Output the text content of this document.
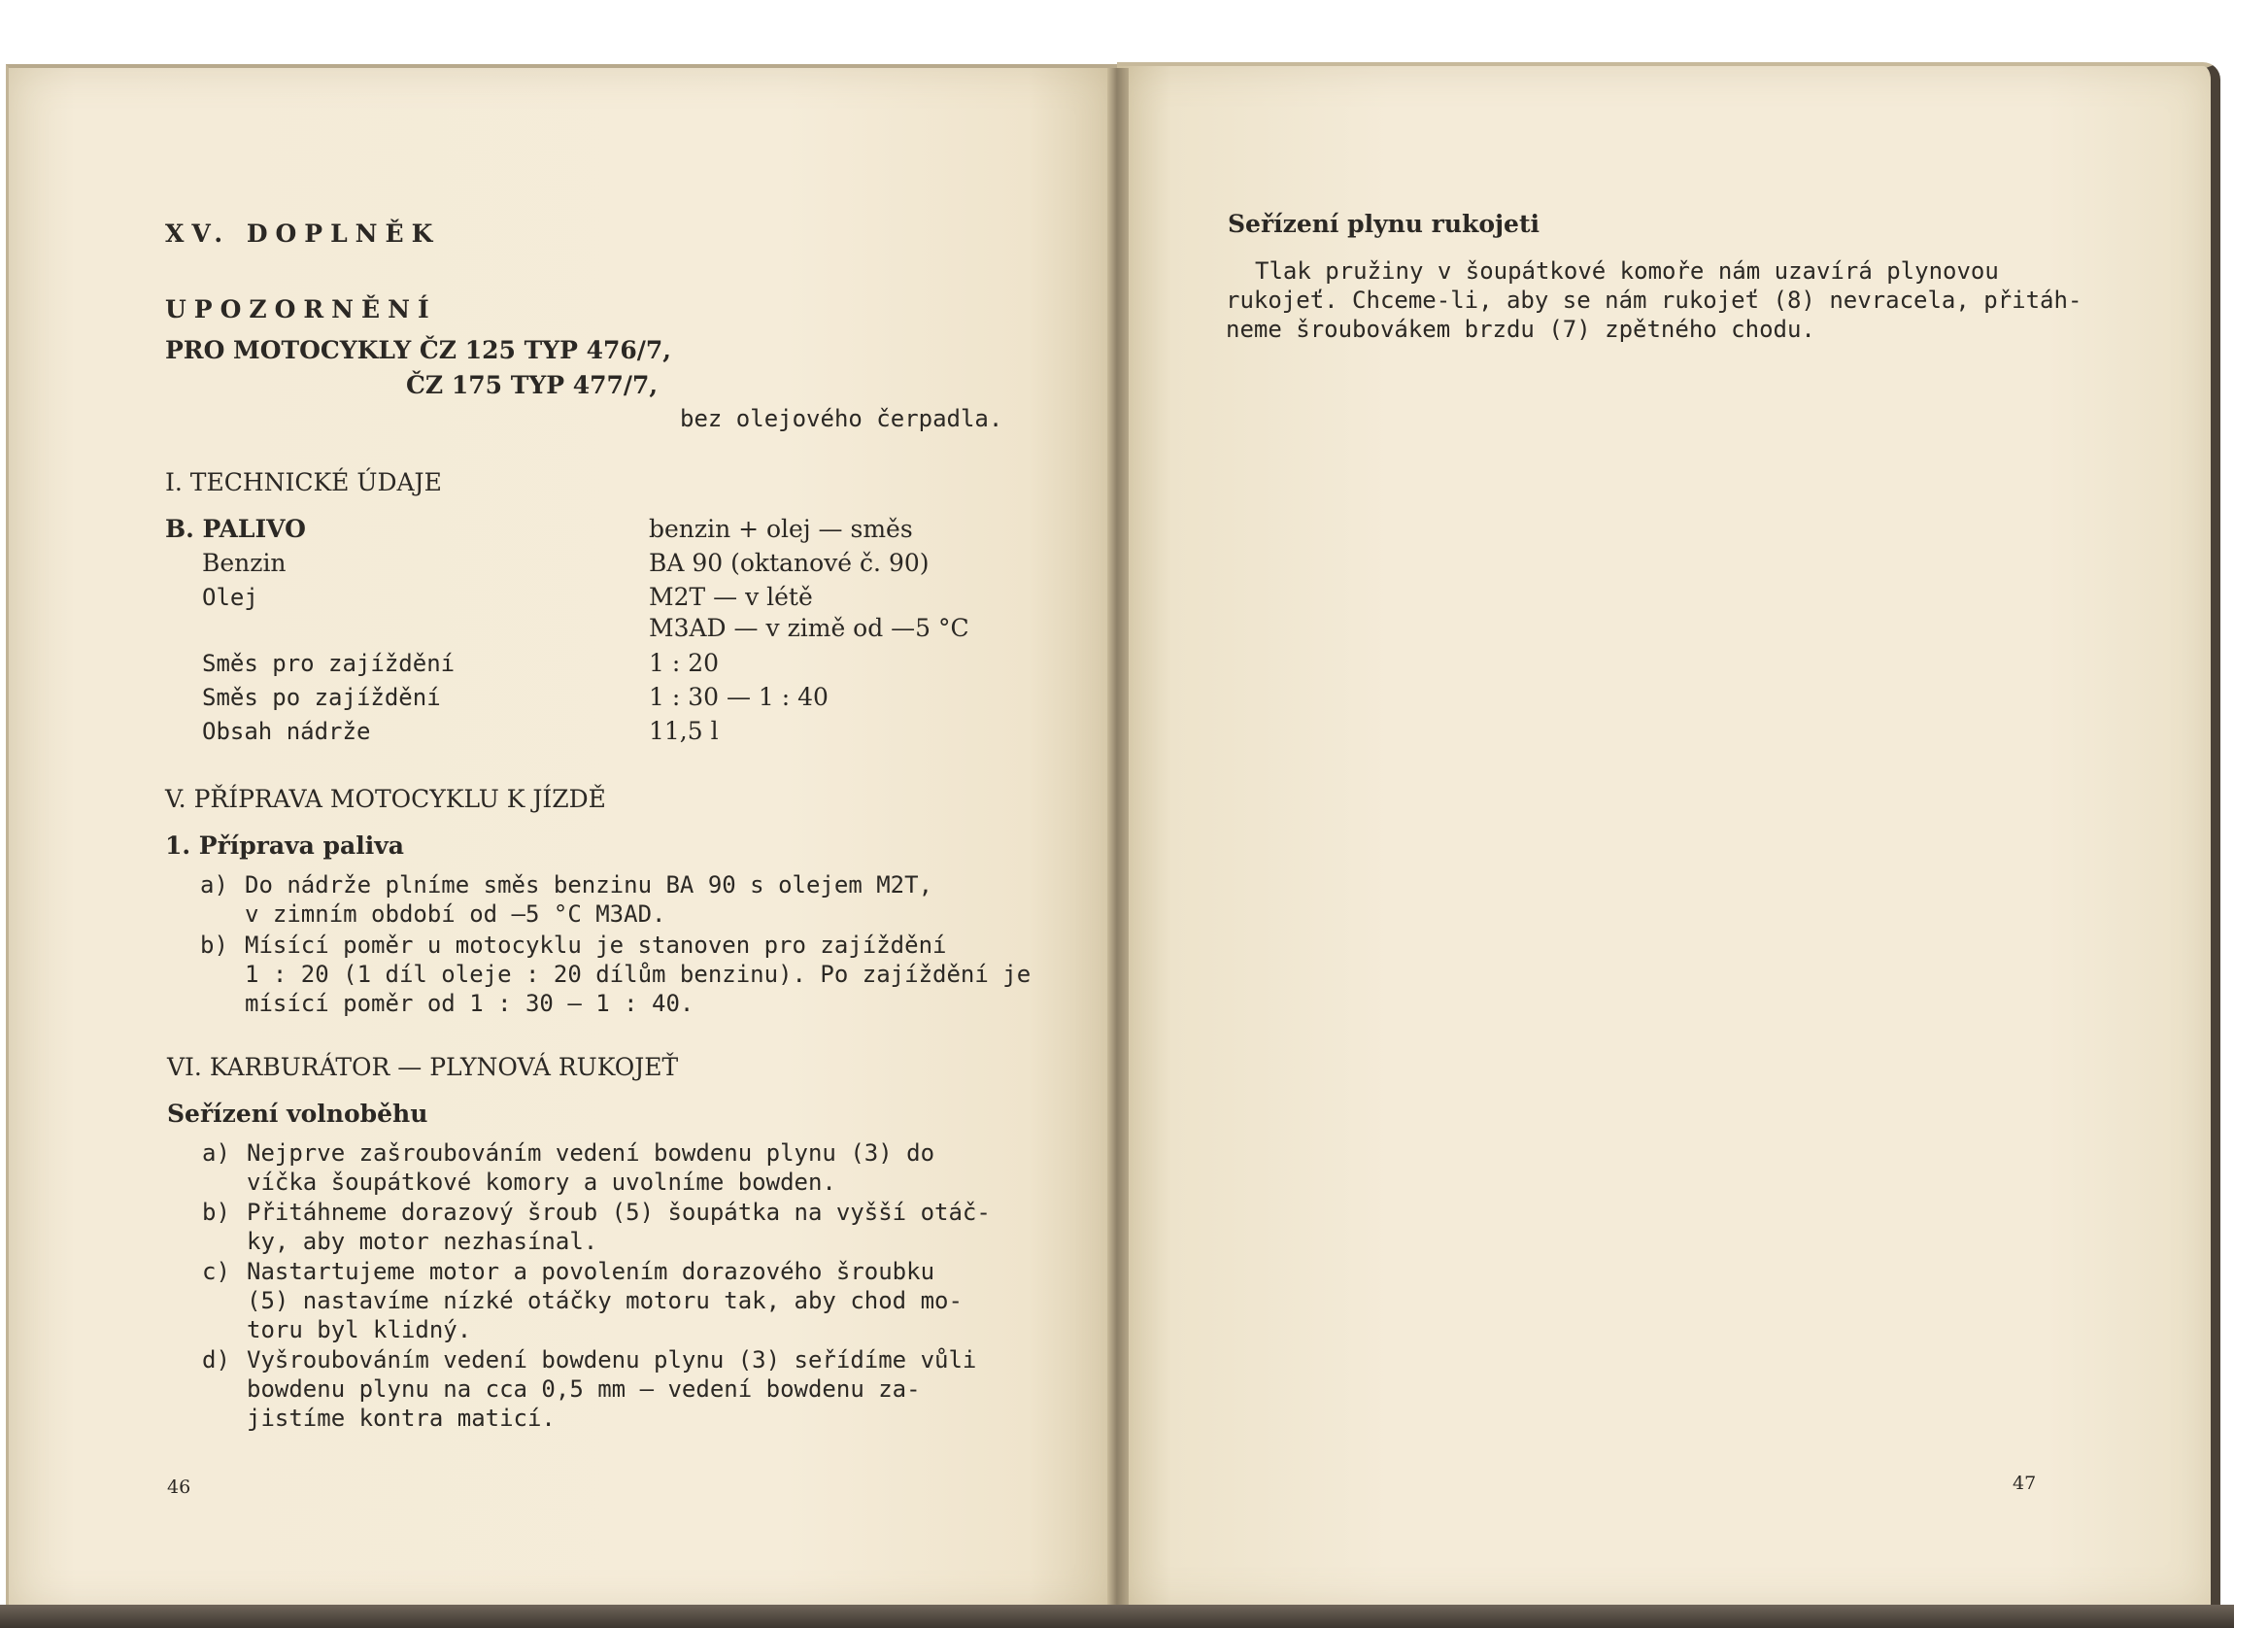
XV. DOPLNĚK
UPOZORNĚNÍ
PRO MOTOCYKLY ČZ 125 TYP 476/7,
ČZ 175 TYP 477/7,
bez olejového čerpadla.
I. TECHNICKÉ ÚDAJE
B. PALIVO	benzin + olej — směs
Benzin	BA 90 (oktanové č. 90)
Olej	M2T — v létě
M3AD — v zimě od —5 °C
Směs pro zajíždění	1 : 20
Směs po zajíždění	1 : 30 — 1 : 40
Obsah nádrže	11,5 l
V. PŘÍPRAVA MOTOCYKLU K JÍZDĚ
1. Příprava paliva
a) Do nádrže plníme směs benzinu BA 90 s olejem M2T,
v zimním období od —5 °C M3AD.
b) Mísící poměr u motocyklu je stanoven pro zajíždění
1 : 20 (1 díl oleje : 20 dílům benzinu). Po zajíždění je
mísící poměr od 1 : 30 — 1 : 40.
VI. KARBURÁTOR — PLYNOVÁ RUKOJEŤ
Seřízení volnoběhu
a) Nejprve zašroubováním vedení bowdenu plynu (3) do
víčka šoupátkové komory a uvolníme bowden.
b) Přitáhneme dorazový šroub (5) šoupátka na vyšší otáč-
ky, aby motor nezhasínal.
c) Nastartujeme motor a povolením dorazového šroubku
(5) nastavíme nízké otáčky motoru tak, aby chod mo-
toru byl klidný.
d) Vyšroubováním vedení bowdenu plynu (3) seřídíme vůli
bowdenu plynu na cca 0,5 mm — vedení bowdenu za-
jistíme kontra maticí.
46
Seřízení plynu rukojeti
Tlak pružiny v šoupátkové komoře nám uzavírá plynovou
rukojeť. Chceme-li, aby se nám rukojeť (8) nevracela, přitáh-
neme šroubovákem brzdu (7) zpětného chodu.
47
